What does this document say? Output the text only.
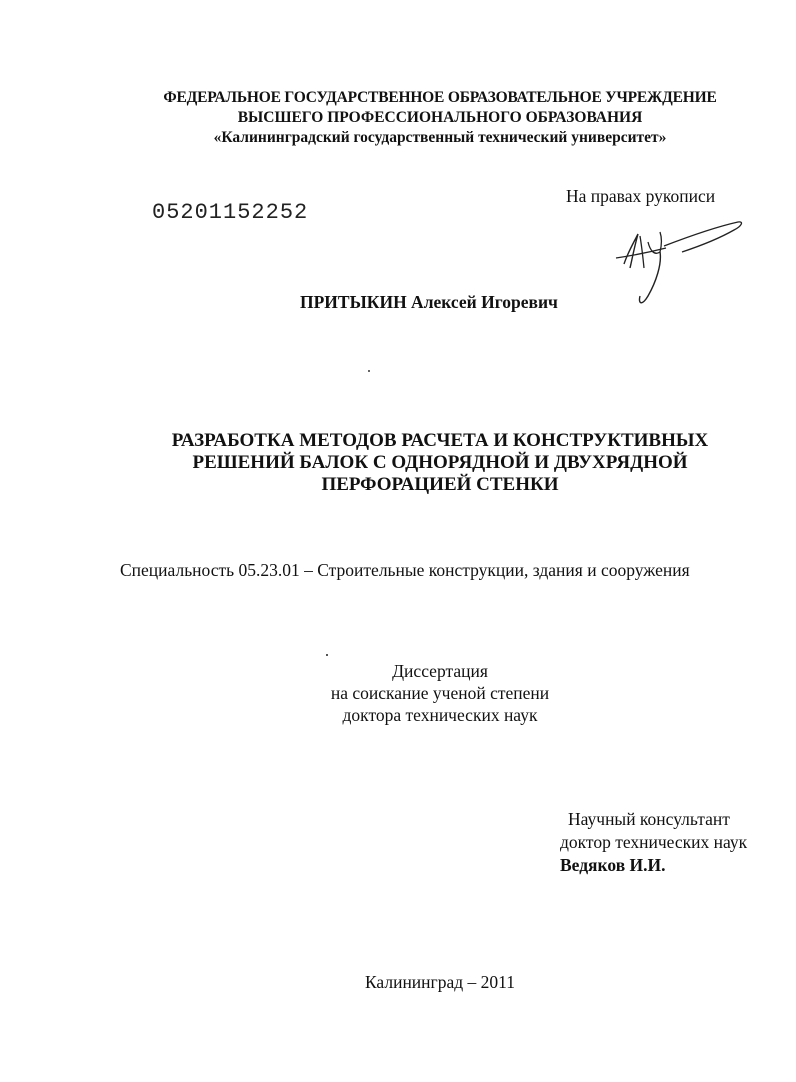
ФЕДЕРАЛЬНОЕ ГОСУДАРСТВЕННОЕ ОБРАЗОВАТЕЛЬНОЕ УЧРЕЖДЕНИЕ
ВЫСШЕГО ПРОФЕССИОНАЛЬНОГО ОБРАЗОВАНИЯ
«Калининградский государственный технический университет»
На правах рукописи
05201152252
ПРИТЫКИН Алексей Игоревич
РАЗРАБОТКА МЕТОДОВ РАСЧЕТА И КОНСТРУКТИВНЫХ
РЕШЕНИЙ БАЛОК С ОДНОРЯДНОЙ И ДВУХРЯДНОЙ
ПЕРФОРАЦИЕЙ СТЕНКИ
Специальность 05.23.01 – Строительные конструкции, здания и сооружения
Диссертация
на соискание ученой степени
доктора технических наук
Научный консультант
доктор технических наук
Ведяков И.И.
Калининград – 2011
